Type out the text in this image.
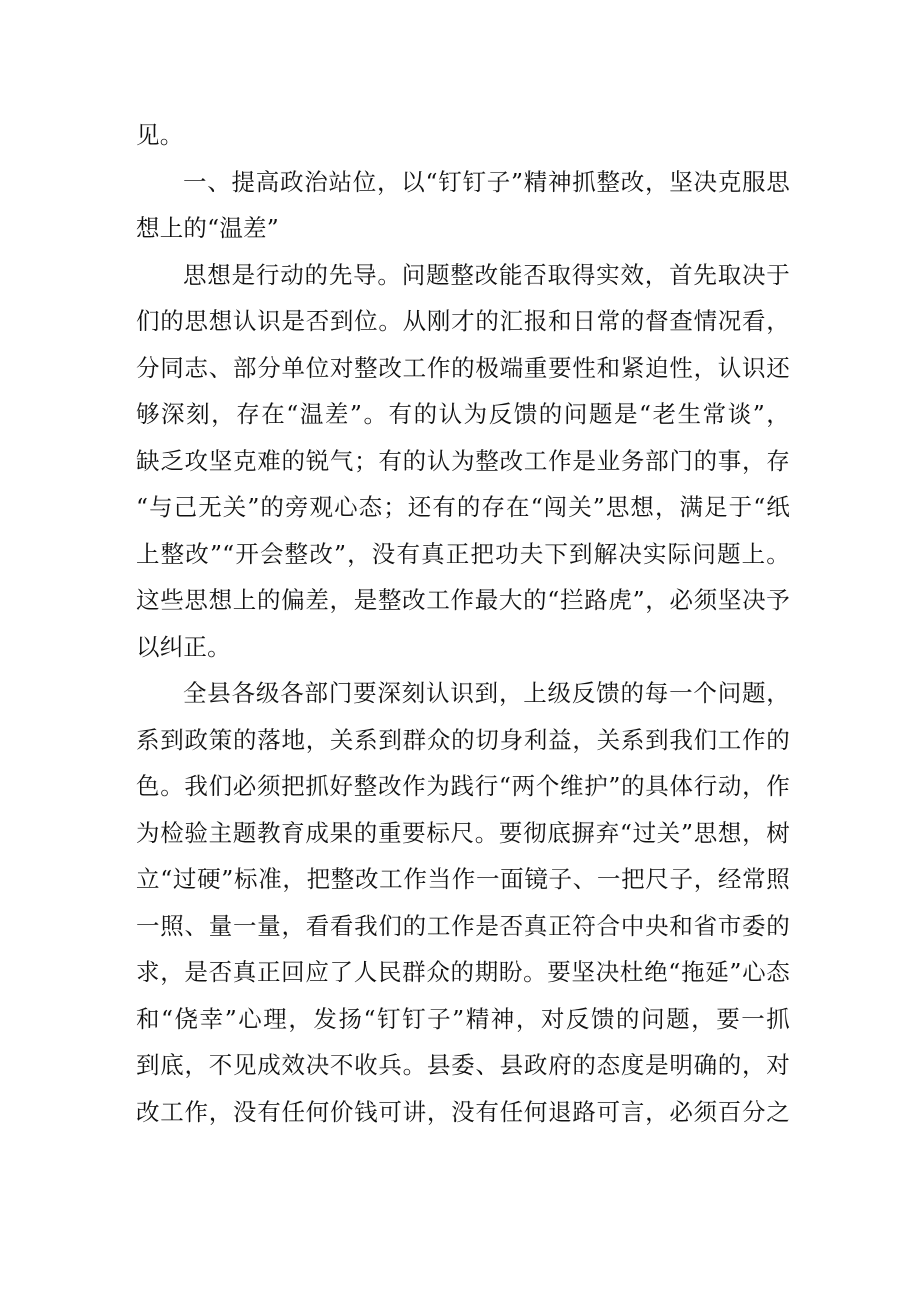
见。
一、提高政治站位，以“钉钉子”精神抓整改，坚决克服思
想上的“温差”
思想是行动的先导。问题整改能否取得实效，首先取决于
们的思想认识是否到位。从刚才的汇报和日常的督查情况看，
分同志、部分单位对整改工作的极端重要性和紧迫性，认识还
够深刻，存在“温差”。有的认为反馈的问题是“老生常谈”，
缺乏攻坚克难的锐气；有的认为整改工作是业务部门的事，存
“与己无关”的旁观心态；还有的存在“闯关”思想，满足于“纸
上整改”“开会整改”，没有真正把功夫下到解决实际问题上。
这些思想上的偏差，是整改工作最大的“拦路虎”，必须坚决予
以纠正。
全县各级各部门要深刻认识到，上级反馈的每一个问题，
系到政策的落地，关系到群众的切身利益，关系到我们工作的
色。我们必须把抓好整改作为践行“两个维护”的具体行动，作
为检验主题教育成果的重要标尺。要彻底摒弃“过关”思想，树
立“过硬”标准，把整改工作当作一面镜子、一把尺子，经常照
一照、量一量，看看我们的工作是否真正符合中央和省市委的
求，是否真正回应了人民群众的期盼。要坚决杜绝“拖延”心态
和“侥幸”心理，发扬“钉钉子”精神，对反馈的问题，要一抓
到底，不见成效决不收兵。县委、县政府的态度是明确的，对
改工作，没有任何价钱可讲，没有任何退路可言，必须百分之
